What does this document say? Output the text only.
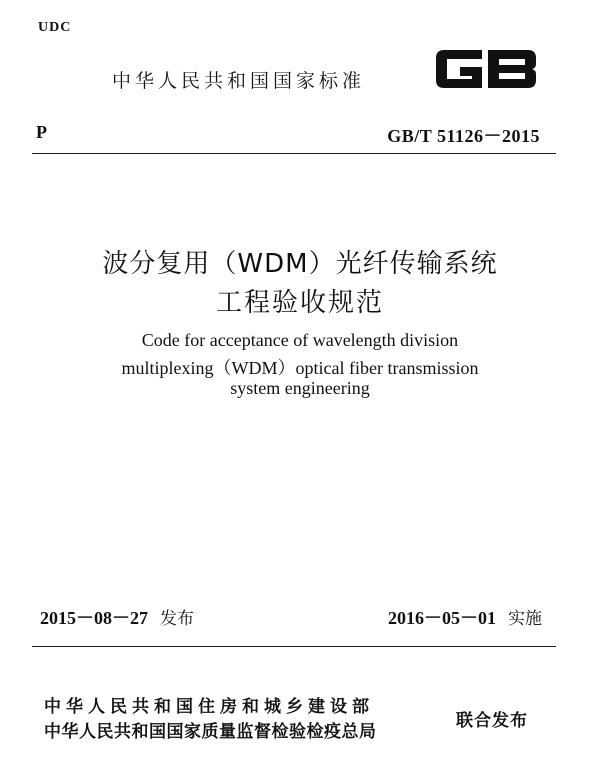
UDC
中华人民共和国国家标准
P	GB/T 51126－2015
波分复用（WDM）光纤传输系统
工程验收规范
Code for acceptance of wavelength division
multiplexing（WDM）optical fiber transmission
system engineering
2015－08－27 发布	2016－05－01 实施
中华人民共和国住房和城乡建设部
中华人民共和国国家质量监督检验检疫总局
联合发布
